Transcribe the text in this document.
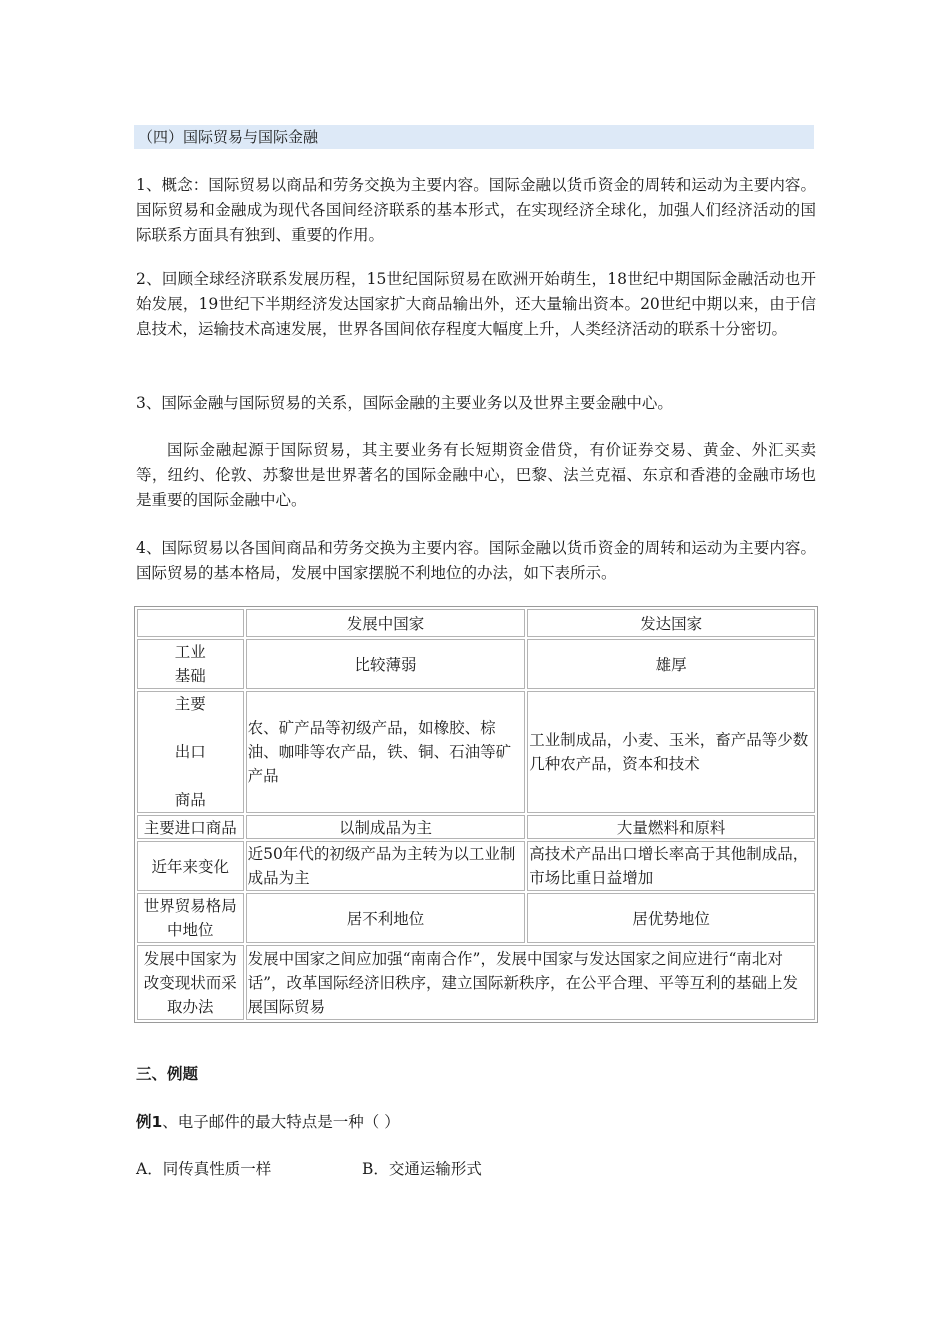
（四）国际贸易与国际金融

1、概念：国际贸易以商品和劳务交换为主要内容。国际金融以货币资金的周转和运动为主要内容。国际贸易和金融成为现代各国间经济联系的基本形式，在实现经济全球化，加强人们经济活动的国际联系方面具有独到、重要的作用。

2、回顾全球经济联系发展历程，15世纪国际贸易在欧洲开始萌生，18世纪中期国际金融活动也开始发展，19世纪下半期经济发达国家扩大商品输出外，还大量输出资本。20世纪中期以来，由于信息技术，运输技术高速发展，世界各国间依存程度大幅度上升，人类经济活动的联系十分密切。

3、国际金融与国际贸易的关系，国际金融的主要业务以及世界主要金融中心。

国际金融起源于国际贸易，其主要业务有长短期资金借贷，有价证券交易、黄金、外汇买卖等，纽约、伦敦、苏黎世是世界著名的国际金融中心，巴黎、法兰克福、东京和香港的金融市场也是重要的国际金融中心。

4、国际贸易以各国间商品和劳务交换为主要内容。国际金融以货币资金的周转和运动为主要内容。国际贸易的基本格局，发展中国家摆脱不利地位的办法，如下表所示。

	发展中国家	发达国家

工业
基础	比较薄弱	雄厚

主要
出口
商品	农、矿产品等初级产品，如橡胶、棕油、咖啡等农产品，铁、铜、石油等矿产品	工业制成品，小麦、玉米，畜产品等少数几种农产品，资本和技术
主要进口商品	以制成品为主	大量燃料和原料
近年来变化	近50年代的初级产品为主转为以工业制成品为主	高技术产品出口增长率高于其他制成品，市场比重日益增加

世界贸易格局
中地位	居不利地位	居优势地位

发展中国家为
改变现状而采
取办法	发展中国家之间应加强“南南合作”，发展中国家与发达国家之间应进行“南北对话”，改革国际经济旧秩序，建立国际新秩序，在公平合理、平等互利的基础上发展国际贸易	
三、例题
例1、电子邮件的最大特点是一种（ ）
A．同传真性质一样	B．交通运输形式
